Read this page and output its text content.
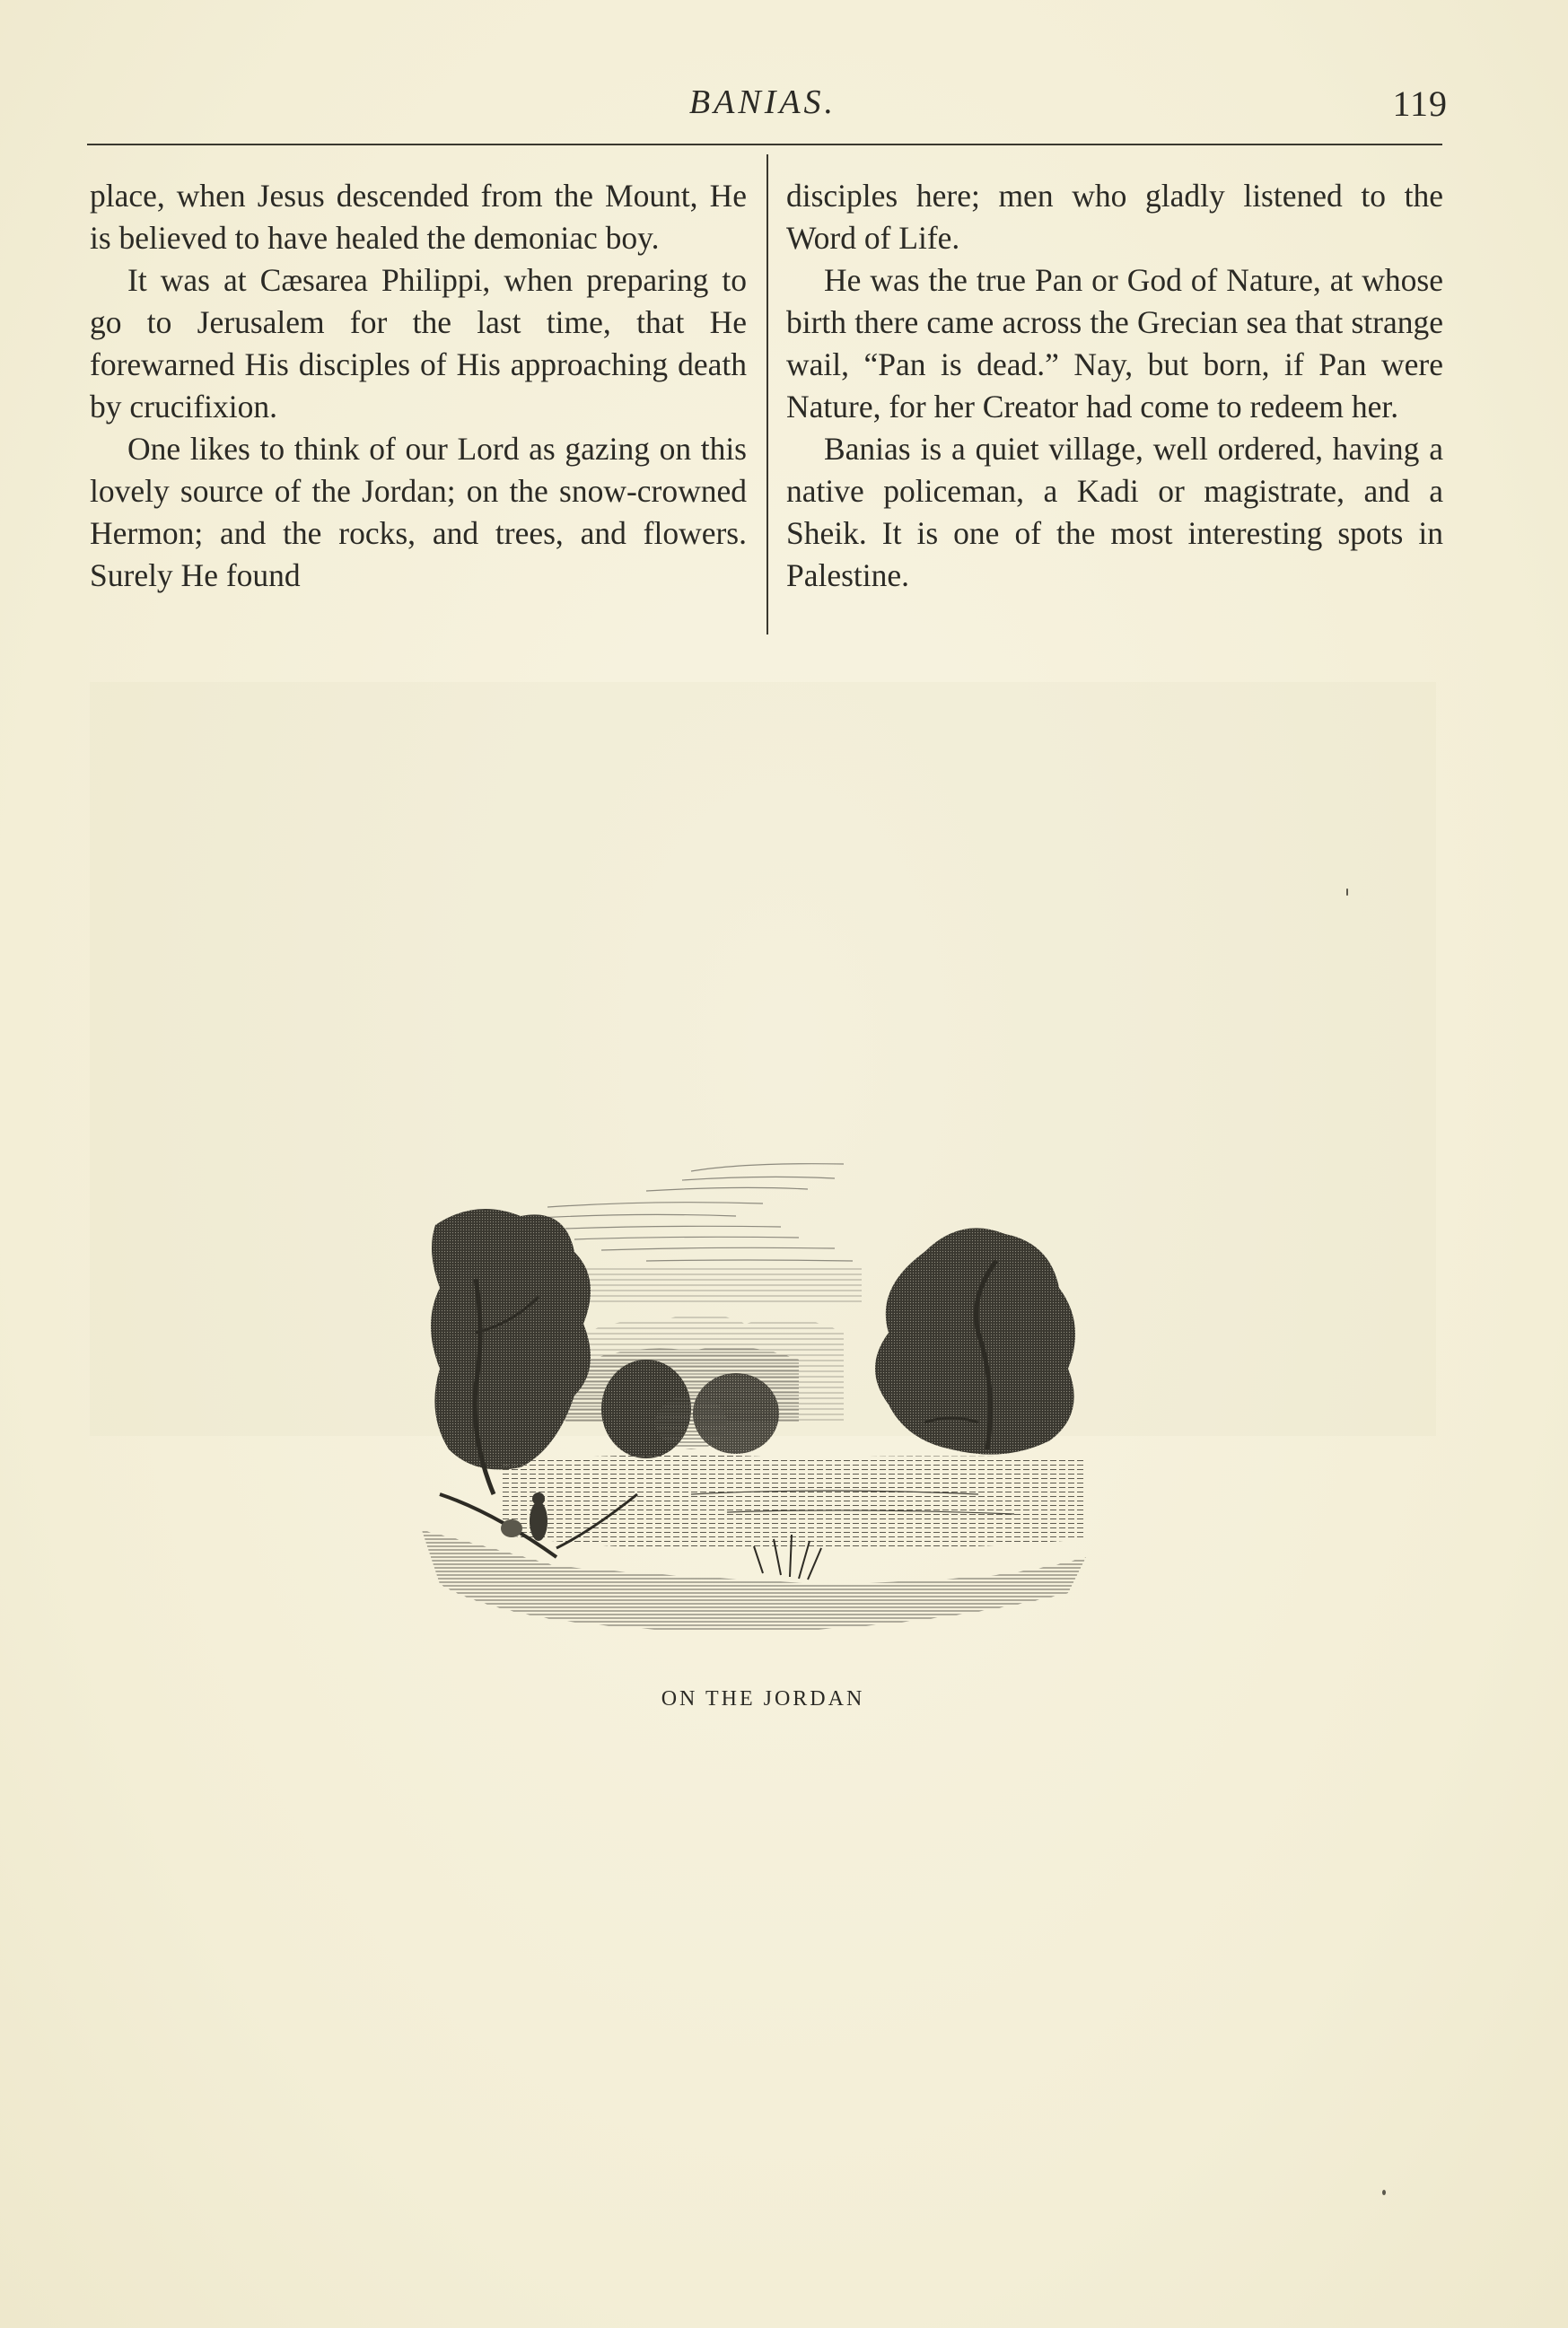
BANIAS.	119

place, when Jesus descended from the Mount, He is believed to have healed the demoniac boy.

It was at Cæsarea Philippi, when preparing to go to Jerusalem for the last time, that He forewarned His disciples of His approaching death by crucifixion.

One likes to think of our Lord as gazing on this lovely source of the Jordan; on the snow-crowned Hermon; and the rocks, and trees, and flowers. Surely He found

disciples here; men who gladly listened to the Word of Life.

He was the true Pan or God of Nature, at whose birth there came across the Grecian sea that strange wail, “Pan is dead.” Nay, but born, if Pan were Nature, for her Creator had come to redeem her.

Banias is a quiet village, well ordered, having a native policeman, a Kadi or magistrate, and a Sheik. It is one of the most interesting spots in Palestine.

ON THE JORDAN
